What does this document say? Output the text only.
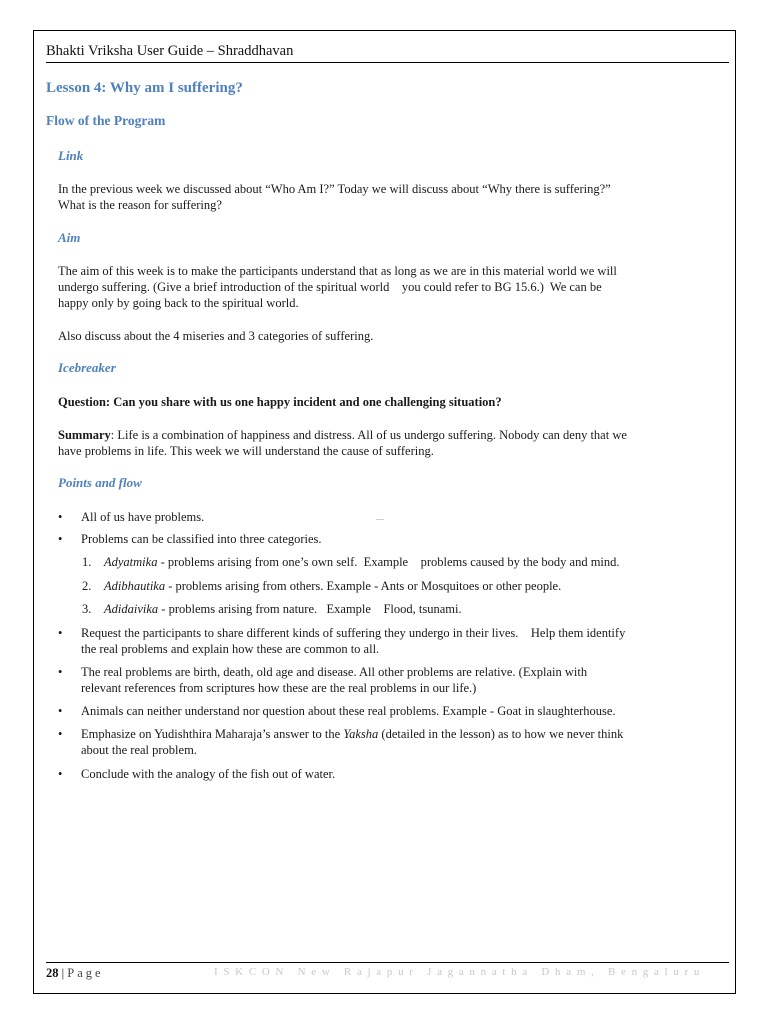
Bhakti Vriksha User Guide – Shraddhavan
Lesson 4: Why am I suffering?
Flow of the Program
Link
In the previous week we discussed about “Who Am I?” Today we will discuss about “Why there is suffering?”
What is the reason for suffering?
Aim
The aim of this week is to make the participants understand that as long as we are in this material world we will
undergo suffering. (Give a brief introduction of the spiritual world    you could refer to BG 15.6.)  We can be
happy only by going back to the spiritual world.
Also discuss about the 4 miseries and 3 categories of suffering.
Icebreaker
Question: Can you share with us one happy incident and one challenging situation?
Summary: Life is a combination of happiness and distress. All of us undergo suffering. Nobody can deny that we
have problems in life. This week we will understand the cause of suffering.
Points and flow
• All of us have problems.
• Problems can be classified into three categories.
1. Adyatmika - problems arising from one’s own self.  Example    problems caused by the body and mind.
2. Adibhautika - problems arising from others. Example - Ants or Mosquitoes or other people.
3. Adidaivika - problems arising from nature.   Example    Flood, tsunami.
• Request the participants to share different kinds of suffering they undergo in their lives.    Help them identify
the real problems and explain how these are common to all.
• The real problems are birth, death, old age and disease. All other problems are relative. (Explain with
relevant references from scriptures how these are the real problems in our life.)
• Animals can neither understand nor question about these real problems. Example - Goat in slaughterhouse.
• Emphasize on Yudishthira Maharaja’s answer to the Yaksha (detailed in the lesson) as to how we never think
about the real problem.
• Conclude with the analogy of the fish out of water.
28 | Page	ISKCON New Rajapur Jagannatha Dham, Bengaluru
